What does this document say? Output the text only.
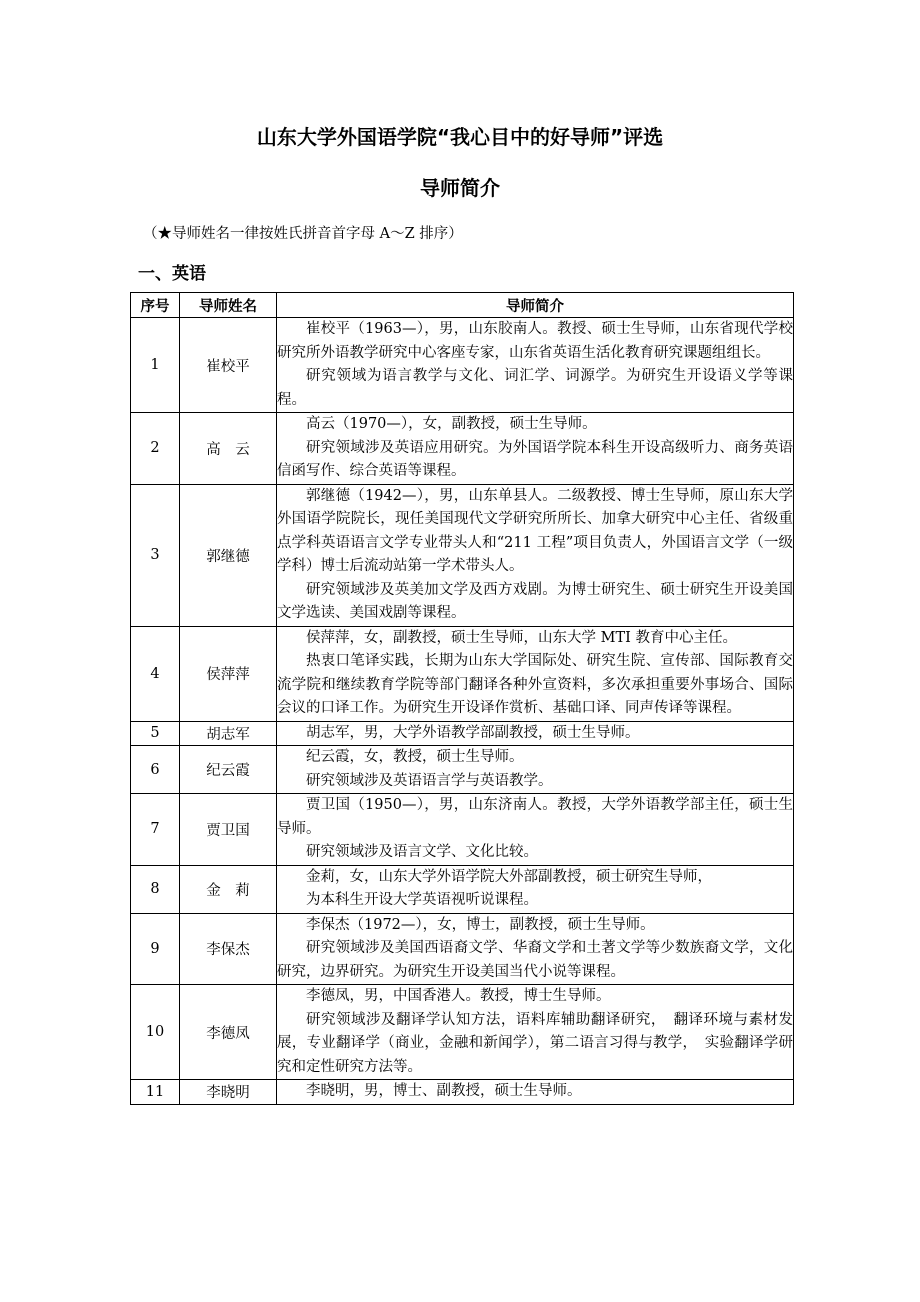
山东大学外国语学院“我心目中的好导师”评选
导师简介
（★导师姓名一律按姓氏拼音首字母 A～Z 排序）
一、英语
序号	导师姓名	导师简介
1	崔校平	崔校平（1963—），男，山东胶南人。教授、硕士生导师，山东省现代学校研究所外语教学研究中心客座专家，山东省英语生活化教育研究课题组组长。

研究领域为语言教学与文化、词汇学、词源学。为研究生开设语义学等课程。

2	高　云	高云（1970—），女，副教授，硕士生导师。

研究领域涉及英语应用研究。为外国语学院本科生开设高级听力、商务英语信函写作、综合英语等课程。

3	郭继德	郭继德（1942—），男，山东单县人。二级教授、博士生导师，原山东大学外国语学院院长，现任美国现代文学研究所所长、加拿大研究中心主任、省级重点学科英语语言文学专业带头人和“211 工程”项目负责人，外国语言文学（一级学科）博士后流动站第一学术带头人。

研究领域涉及英美加文学及西方戏剧。为博士研究生、硕士研究生开设美国文学选读、美国戏剧等课程。

4	侯萍萍	侯萍萍，女，副教授，硕士生导师，山东大学 MTI 教育中心主任。

热衷口笔译实践，长期为山东大学国际处、研究生院、宣传部、国际教育交流学院和继续教育学院等部门翻译各种外宣资料，多次承担重要外事场合、国际会议的口译工作。为研究生开设译作赏析、基础口译、同声传译等课程。

5	胡志军	胡志军，男，大学外语教学部副教授，硕士生导师。

6	纪云霞	纪云霞，女，教授，硕士生导师。

研究领域涉及英语语言学与英语教学。

7	贾卫国	贾卫国（1950—），男，山东济南人。教授，大学外语教学部主任，硕士生导师。

研究领域涉及语言文学、文化比较。

8	金　莉	金莉，女，山东大学外语学院大外部副教授，硕士研究生导师，

为本科生开设大学英语视听说课程。

9	李保杰	李保杰（1972—），女，博士，副教授，硕士生导师。

研究领域涉及美国西语裔文学、华裔文学和土著文学等少数族裔文学，文化研究，边界研究。为研究生开设美国当代小说等课程。

10	李德凤	李德凤，男，中国香港人。教授，博士生导师。

研究领域涉及翻译学认知方法，语料库辅助翻译研究，　翻译环境与素材发展，专业翻译学（商业，金融和新闻学），第二语言习得与教学，　实验翻译学研究和定性研究方法等。

11	李晓明	李晓明，男，博士、副教授，硕士生导师。
